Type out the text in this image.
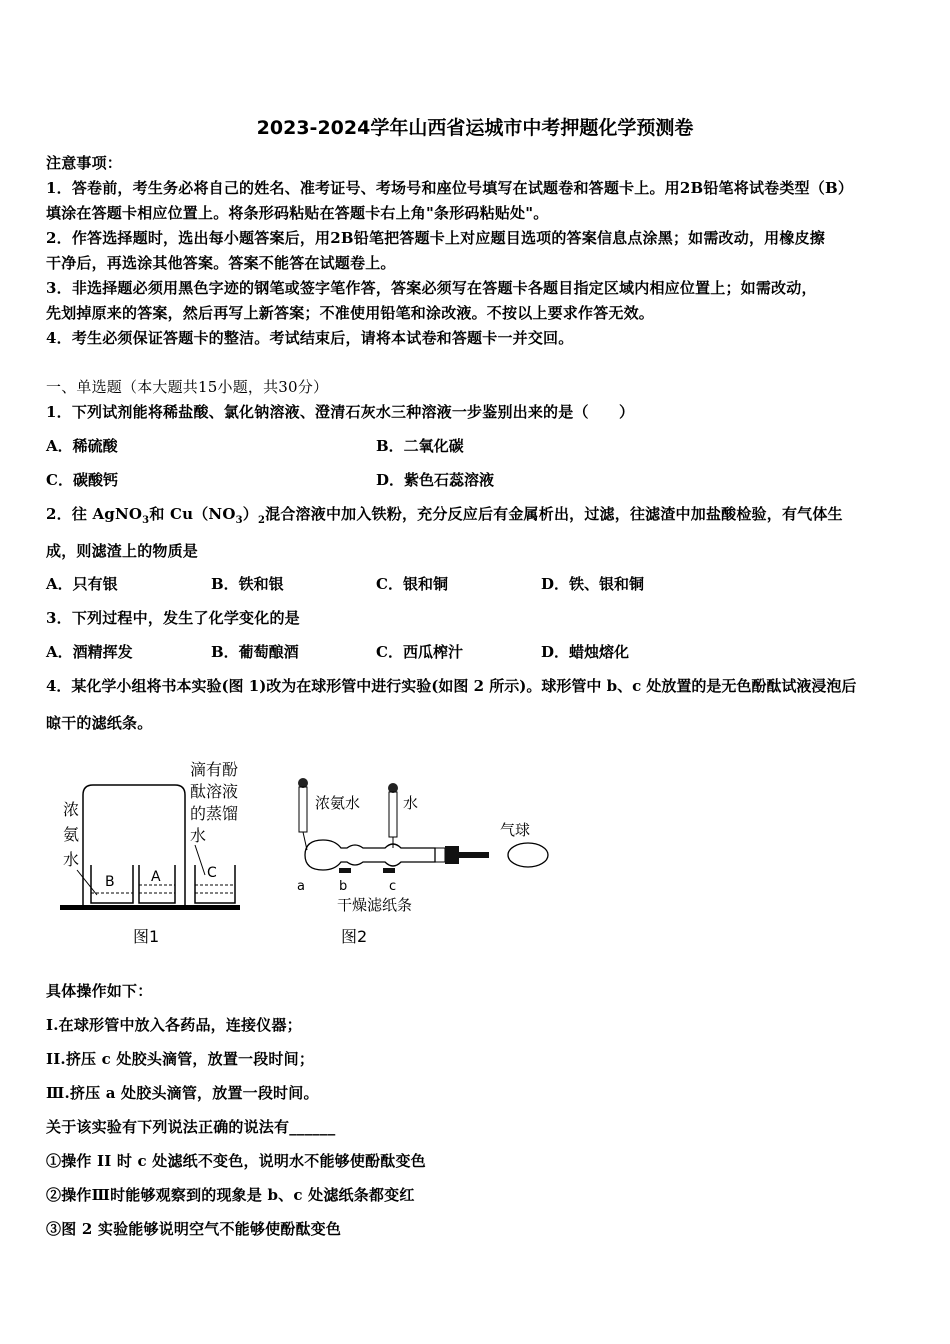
2023-2024学年山西省运城市中考押题化学预测卷
注意事项：
1．答卷前，考生务必将自己的姓名、准考证号、考场号和座位号填写在试题卷和答题卡上。用2B铅笔将试卷类型（B）
填涂在答题卡相应位置上。将条形码粘贴在答题卡右上角"条形码粘贴处"。
2．作答选择题时，选出每小题答案后，用2B铅笔把答题卡上对应题目选项的答案信息点涂黑；如需改动，用橡皮擦
干净后，再选涂其他答案。答案不能答在试题卷上。
3．非选择题必须用黑色字迹的钢笔或签字笔作答，答案必须写在答题卡各题目指定区域内相应位置上；如需改动，
先划掉原来的答案，然后再写上新答案；不准使用铅笔和涂改液。不按以上要求作答无效。
4．考生必须保证答题卡的整洁。考试结束后，请将本试卷和答题卡一并交回。
一、单选题（本大题共15小题，共30分）
1．下列试剂能将稀盐酸、氯化钠溶液、澄清石灰水三种溶液一步鉴别出来的是（　　）
A．稀硫酸	B．二氧化碳
C．碳酸钙	D．紫色石蕊溶液
2．往 AgNO$_3$和 $Cu(NO_3)_2$混合溶液中加入铁粉，充分反应后有金属析出，过滤，往滤渣中加盐酸检验，有气体生
成，则滤渣上的物质是
A．只有银	B．铁和银	C．银和铜	D．铁、银和铜
3．下列过程中，发生了化学变化的是
A．酒精挥发	B．葡萄酿酒	C．西瓜榨汁	D．蜡烛熔化
4．某化学小组将书本实验(图 1)改为在球形管中进行实验(如图 2 所示)。球形管中 b、c 处放置的是无色酚酞试液浸泡后
晾干的滤纸条。
B	A	C
浓
氨
水
滴有酚
酞溶液
的蒸馏
水
图1
浓氨水	水
气球
a	b	c
干燥滤纸条
图2
具体操作如下：
I.在球形管中放入各药品，连接仪器；
II.挤压 c 处胶头滴管，放置一段时间；
Ⅲ.挤压 a 处胶头滴管，放置一段时间。
关于该实验有下列说法正确的说法有______
①操作 II 时 c 处滤纸不变色，说明水不能够使酚酞变色
②操作Ⅲ时能够观察到的现象是 b、c 处滤纸条都变红
③图 2 实验能够说明空气不能够使酚酞变色
